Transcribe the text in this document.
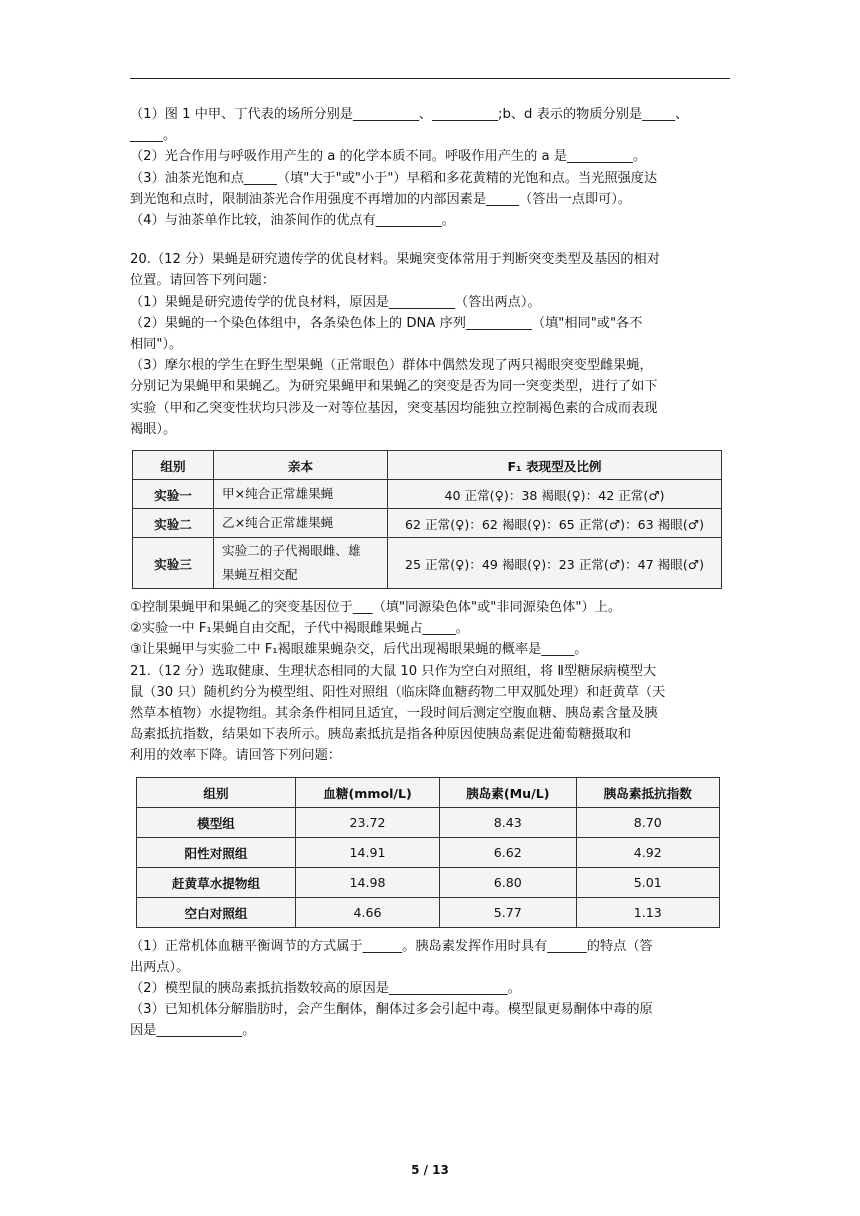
（1）图 1 中甲、丁代表的场所分别是__________、__________;b、d 表示的物质分别是_____、
_____。
（2）光合作用与呼吸作用产生的 a 的化学本质不同。呼吸作用产生的 a 是__________。
（3）油茶光饱和点_____（填"大于"或"小于"）早稻和多花黄精的光饱和点。当光照强度达
到光饱和点时，限制油茶光合作用强度不再增加的内部因素是_____（答出一点即可）。
（4）与油茶单作比较，油茶间作的优点有__________。
20.（12 分）果蝇是研究遗传学的优良材料。果蝇突变体常用于判断突变类型及基因的相对
位置。请回答下列问题：
（1）果蝇是研究遗传学的优良材料，原因是__________（答出两点）。
（2）果蝇的一个染色体组中，各条染色体上的 DNA 序列__________（填"相同"或"各不
相同"）。
（3）摩尔根的学生在野生型果蝇（正常眼色）群体中偶然发现了两只褐眼突变型雌果蝇，
分别记为果蝇甲和果蝇乙。为研究果蝇甲和果蝇乙的突变是否为同一突变类型，进行了如下
实验（甲和乙突变性状均只涉及一对等位基因，突变基因均能独立控制褐色素的合成而表现
褐眼）。
组别	亲本	F₁ 表现型及比例
实验一	甲×纯合正常雄果蝇	40 正常(♀)：38 褐眼(♀)：42 正常(♂)
实验二	乙×纯合正常雄果蝇	62 正常(♀)：62 褐眼(♀)：65 正常(♂)：63 褐眼(♂)
实验三	实验二的子代褐眼雌、雄
果蝇互相交配	25 正常(♀)：49 褐眼(♀)：23 正常(♂)：47 褐眼(♂)
①控制果蝇甲和果蝇乙的突变基因位于___（填"同源染色体"或"非同源染色体"）上。
②实验一中 F₁果蝇自由交配，子代中褐眼雌果蝇占_____。
③让果蝇甲与实验二中 F₁褐眼雄果蝇杂交，后代出现褐眼果蝇的概率是_____。
21.（12 分）选取健康、生理状态相同的大鼠 10 只作为空白对照组，将 Ⅱ型糖尿病模型大
鼠（30 只）随机约分为模型组、阳性对照组（临床降血糖药物二甲双胍处理）和赶黄草（天
然草本植物）水提物组。其余条件相同且适宜，一段时间后测定空腹血糖、胰岛素含量及胰
岛素抵抗指数，结果如下表所示。胰岛素抵抗是指各种原因使胰岛素促进葡萄糖摄取和
利用的效率下降。请回答下列问题：
组别	血糖(mmol/L)	胰岛素(Mu/L)	胰岛素抵抗指数
模型组	23.72	8.43	8.70
阳性对照组	14.91	6.62	4.92
赶黄草水提物组	14.98	6.80	5.01
空白对照组	4.66	5.77	1.13
（1）正常机体血糖平衡调节的方式属于______。胰岛素发挥作用时具有______的特点（答
出两点）。
（2）模型鼠的胰岛素抵抗指数较高的原因是__________________。
（3）已知机体分解脂肪时，会产生酮体，酮体过多会引起中毒。模型鼠更易酮体中毒的原
因是_____________。
5 / 13
